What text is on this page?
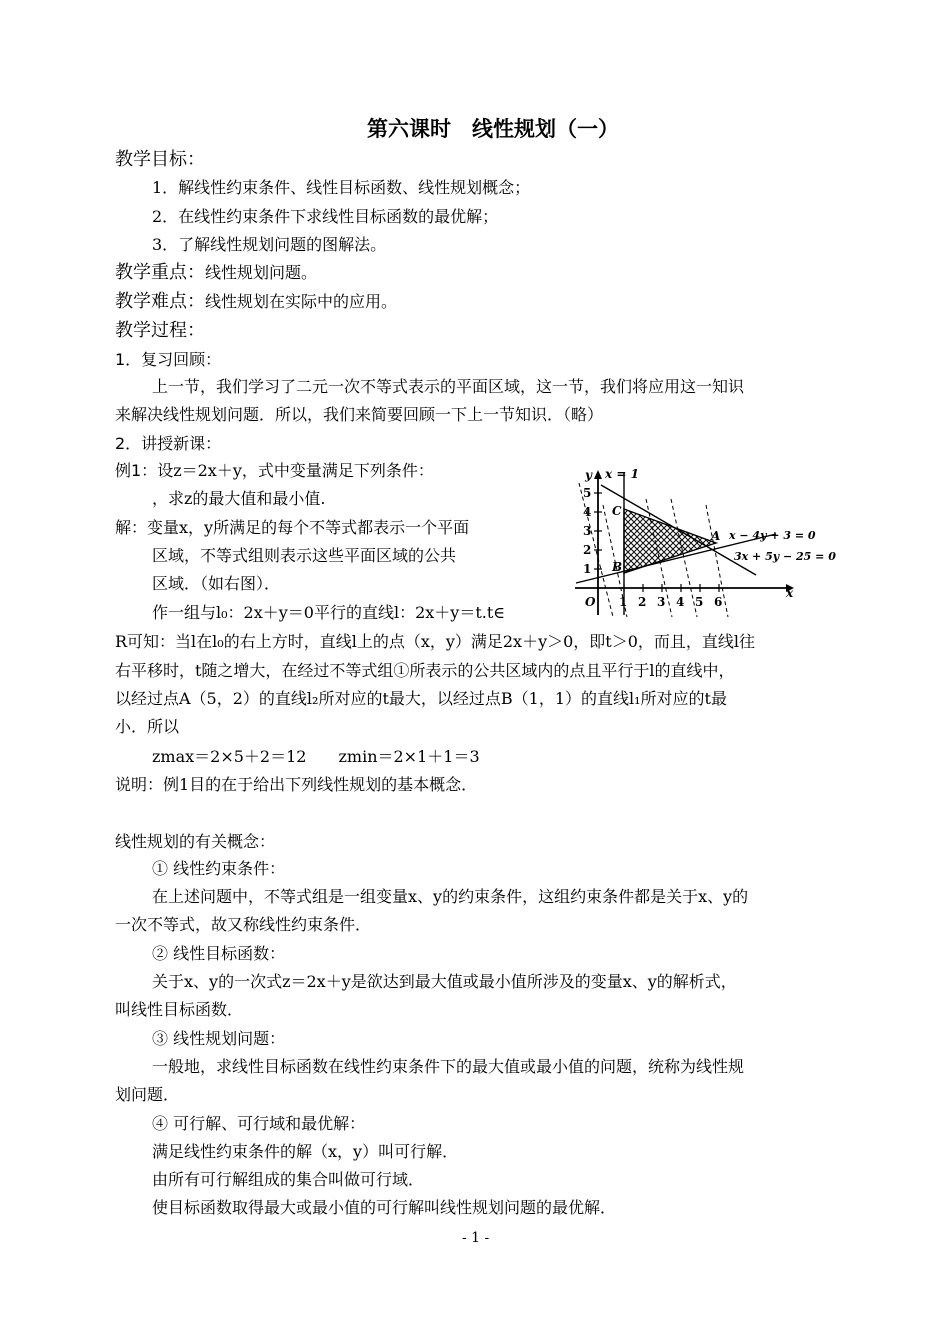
第六课时　线性规划（一）
教学目标：
1．解线性约束条件、线性目标函数、线性规划概念；
2．在线性约束条件下求线性目标函数的最优解；
3．了解线性规划问题的图解法。
教学重点：线性规划问题。
教学难点：线性规划在实际中的应用。
教学过程：
1．复习回顾：
上一节，我们学习了二元一次不等式表示的平面区域，这一节，我们将应用这一知识
来解决线性规划问题．所以，我们来简要回顾一下上一节知识．（略）
2．讲授新课：
例1：设z＝2x＋y，式中变量满足下列条件：
，求z的最大值和最小值.
解：变量x，y所满足的每个不等式都表示一个平面
区域，不等式组则表示这些平面区域的公共
区域．（如右图）．
作一组与l₀：2x＋y＝0平行的直线l：2x＋y＝t.t∈
R可知：当l在l₀的右上方时，直线l上的点（x，y）满足2x＋y＞0，即t＞0，而且，直线l往
右平移时，t随之增大，在经过不等式组①所表示的公共区域内的点且平行于l的直线中，
以经过点A（5，2）的直线l₂所对应的t最大，以经过点B（1，1）的直线l₁所对应的t最
小．所以
zmax＝2×5＋2＝12　　zmin＝2×1＋1＝3
说明：例1目的在于给出下列线性规划的基本概念．
线性规划的有关概念：
① 线性约束条件：
在上述问题中，不等式组是一组变量x、y的约束条件，这组约束条件都是关于x、y的
一次不等式，故又称线性约束条件．
② 线性目标函数：
关于x、y的一次式z＝2x＋y是欲达到最大值或最小值所涉及的变量x、y的解析式，
叫线性目标函数．
③ 线性规划问题：
一般地，求线性目标函数在线性约束条件下的最大值或最小值的问题，统称为线性规
划问题．
④ 可行解、可行域和最优解：
满足线性约束条件的解（x，y）叫可行解．
由所有可行解组成的集合叫做可行域．
使目标函数取得最大或最小值的可行解叫线性规划问题的最优解．
- 1 -
y
x
O
x = 1
x − 4y + 3 = 0
3x + 5y − 25 = 0
A
B
C
5
4
3
2
1
1 2 3 4 5 6
